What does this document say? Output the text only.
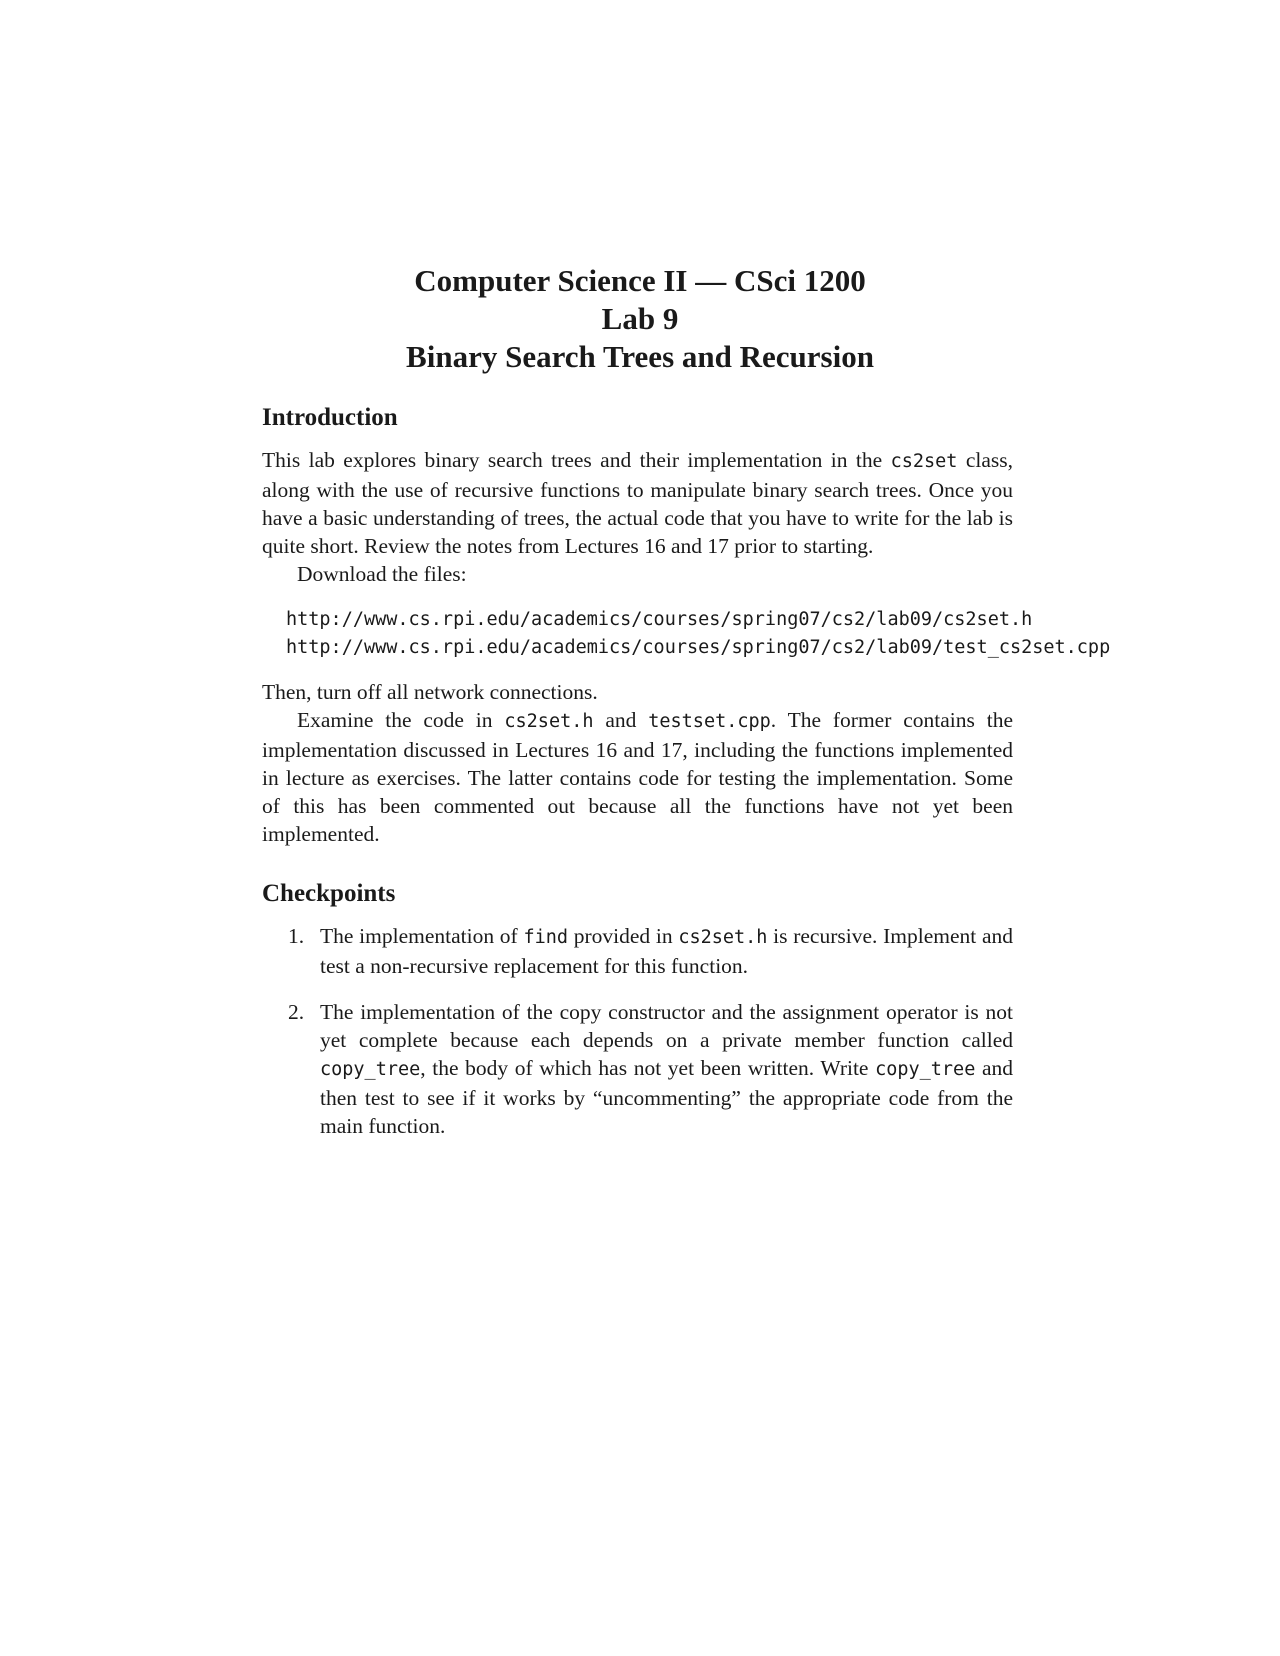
Computer Science II — CSci 1200
Lab 9
Binary Search Trees and Recursion
Introduction

This lab explores binary search trees and their implementation in the cs2set class, along with the use of recursive functions to manipulate binary search trees. Once you have a basic understanding of trees, the actual code that you have to write for the lab is quite short. Review the notes from Lectures 16 and 17 prior to starting.

Download the files:

http://www.cs.rpi.edu/academics/courses/spring07/cs2/lab09/cs2set.h
http://www.cs.rpi.edu/academics/courses/spring07/cs2/lab09/test_cs2set.cpp

Then, turn off all network connections.

Examine the code in cs2set.h and testset.cpp. The former contains the implementation discussed in Lectures 16 and 17, including the functions implemented in lecture as exercises. The latter contains code for testing the implementation. Some of this has been commented out because all the functions have not yet been implemented.

Checkpoints
1. The implementation of find provided in cs2set.h is recursive. Implement and test a non-recursive replacement for this function.
2. The implementation of the copy constructor and the assignment operator is not yet complete because each depends on a private member function called copy_tree, the body of which has not yet been written. Write copy_tree and then test to see if it works by “uncommenting” the appropriate code from the main function.
